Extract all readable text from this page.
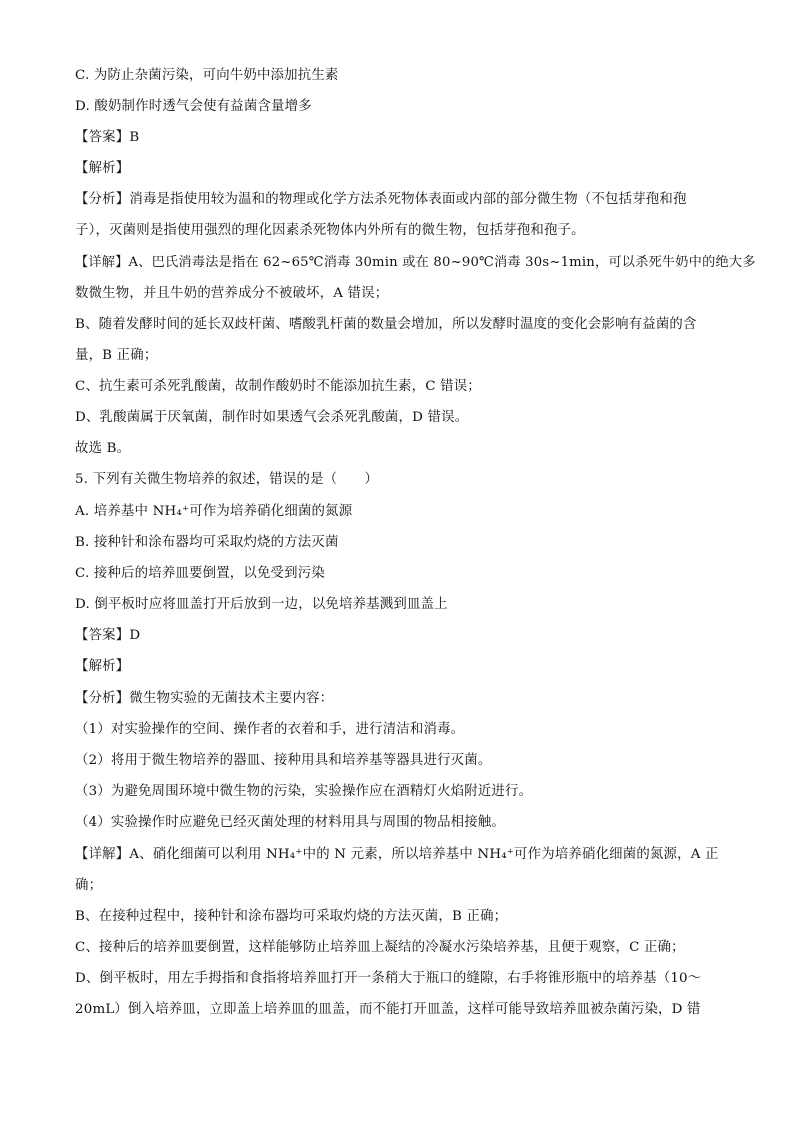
C. 为防止杂菌污染，可向牛奶中添加抗生素
D. 酸奶制作时透气会使有益菌含量增多
【答案】B
【解析】
【分析】消毒是指使用较为温和的物理或化学方法杀死物体表面或内部的部分微生物（不包括芽孢和孢
子），灭菌则是指使用强烈的理化因素杀死物体内外所有的微生物，包括芽孢和孢子。
【详解】A、巴氏消毒法是指在 62~65℃消毒 30min 或在 80~90℃消毒 30s~1min，可以杀死牛奶中的绝大多
数微生物，并且牛奶的营养成分不被破坏，A 错误；
B、随着发酵时间的延长双歧杆菌、嗜酸乳杆菌的数量会增加，所以发酵时温度的变化会影响有益菌的含
量，B 正确；
C、抗生素可杀死乳酸菌，故制作酸奶时不能添加抗生素，C 错误；
D、乳酸菌属于厌氧菌，制作时如果透气会杀死乳酸菌，D 错误。
故选 B。
5. 下列有关微生物培养的叙述，错误的是（　　）
A. 培养基中 NH₄⁺可作为培养硝化细菌的氮源
B. 接种针和涂布器均可采取灼烧的方法灭菌
C. 接种后的培养皿要倒置，以免受到污染
D. 倒平板时应将皿盖打开后放到一边，以免培养基溅到皿盖上
【答案】D
【解析】
【分析】微生物实验的无菌技术主要内容：
（1）对实验操作的空间、操作者的衣着和手，进行清洁和消毒。
（2）将用于微生物培养的器皿、接种用具和培养基等器具进行灭菌。
（3）为避免周围环境中微生物的污染，实验操作应在酒精灯火焰附近进行。
（4）实验操作时应避免已经灭菌处理的材料用具与周围的物品相接触。
【详解】A、硝化细菌可以利用 NH₄⁺中的 N 元素，所以培养基中 NH₄⁺可作为培养硝化细菌的氮源，A 正
确；
B、在接种过程中，接种针和涂布器均可采取灼烧的方法灭菌，B 正确；
C、接种后的培养皿要倒置，这样能够防止培养皿上凝结的冷凝水污染培养基，且便于观察，C 正确；
D、倒平板时，用左手拇指和食指将培养皿打开一条稍大于瓶口的缝隙，右手将锥形瓶中的培养基（10～
20mL）倒入培养皿，立即盖上培养皿的皿盖，而不能打开皿盖，这样可能导致培养皿被杂菌污染，D 错
